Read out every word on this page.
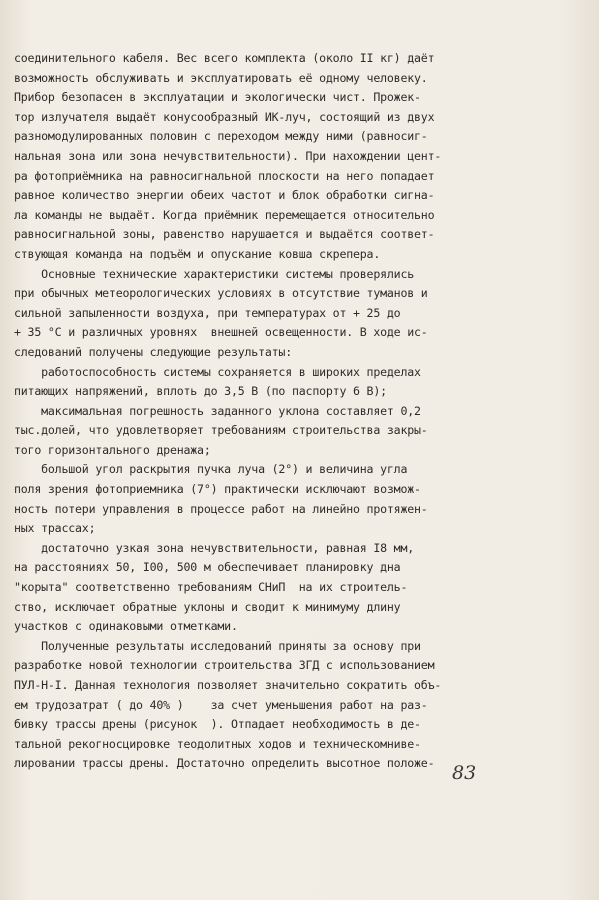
соединительного кабеля. Вес всего комплекта (около II кг) даёт
возможность обслуживать и эксплуатировать её одному человеку.
Прибор безопасен в эксплуатации и экологически чист. Прожек-
тор излучателя выдаёт конусообразный ИК-луч, состоящий из двух
разномодулированных половин с переходом между ними (равносиг-
нальная зона или зона нечувствительности). При нахождении цент-
ра фотоприёмника на равносигнальной плоскости на него попадает
равное количество энергии обеих частот и блок обработки сигна-
ла команды не выдаёт. Когда приёмник перемещается относительно
равносигнальной зоны, равенство нарушается и выдаётся соответ-
ствующая команда на подъём и опускание ковша скрепера.
Основные технические характеристики системы проверялись
при обычных метеорологических условиях в отсутствие туманов и
сильной запыленности воздуха, при температурах от + 25 до
+ 35 °С и различных уровнях  внешней освещенности. В ходе ис-
следований получены следующие результаты:
работоспособность системы сохраняется в широких пределах
питающих напряжений, вплоть до 3,5 В (по паспорту 6 В);
максимальная погрешность заданного уклона составляет 0,2
тыс.долей, что удовлетворяет требованиям строительства закры-
того горизонтального дренажа;
большой угол раскрытия пучка луча (2°) и величина угла
поля зрения фотоприемника (7°) практически исключают возмож-
ность потери управления в процессе работ на линейно протяжен-
ных трассах;
достаточно узкая зона нечувствительности, равная I8 мм,
на расстояниях 50, I00, 500 м обеспечивает планировку дна
"корыта" соответственно требованиям СНиП  на их строитель-
ство, исключает обратные уклоны и сводит к минимуму длину
участков с одинаковыми отметками.
Полученные результаты исследований приняты за основу при
разработке новой технологии строительства ЗГД с использованием
ПУЛ-Н-I. Данная технология позволяет значительно сократить объ-
ем трудозатрат ( до 40% )    за счет уменьшения работ на раз-
бивку трассы дрены (рисунок  ). Отпадает необходимость в де-
тальной рекогносцировке теодолитных ходов и техническомниве-
лировании трассы дрены. Достаточно определить высотное положе- 83
